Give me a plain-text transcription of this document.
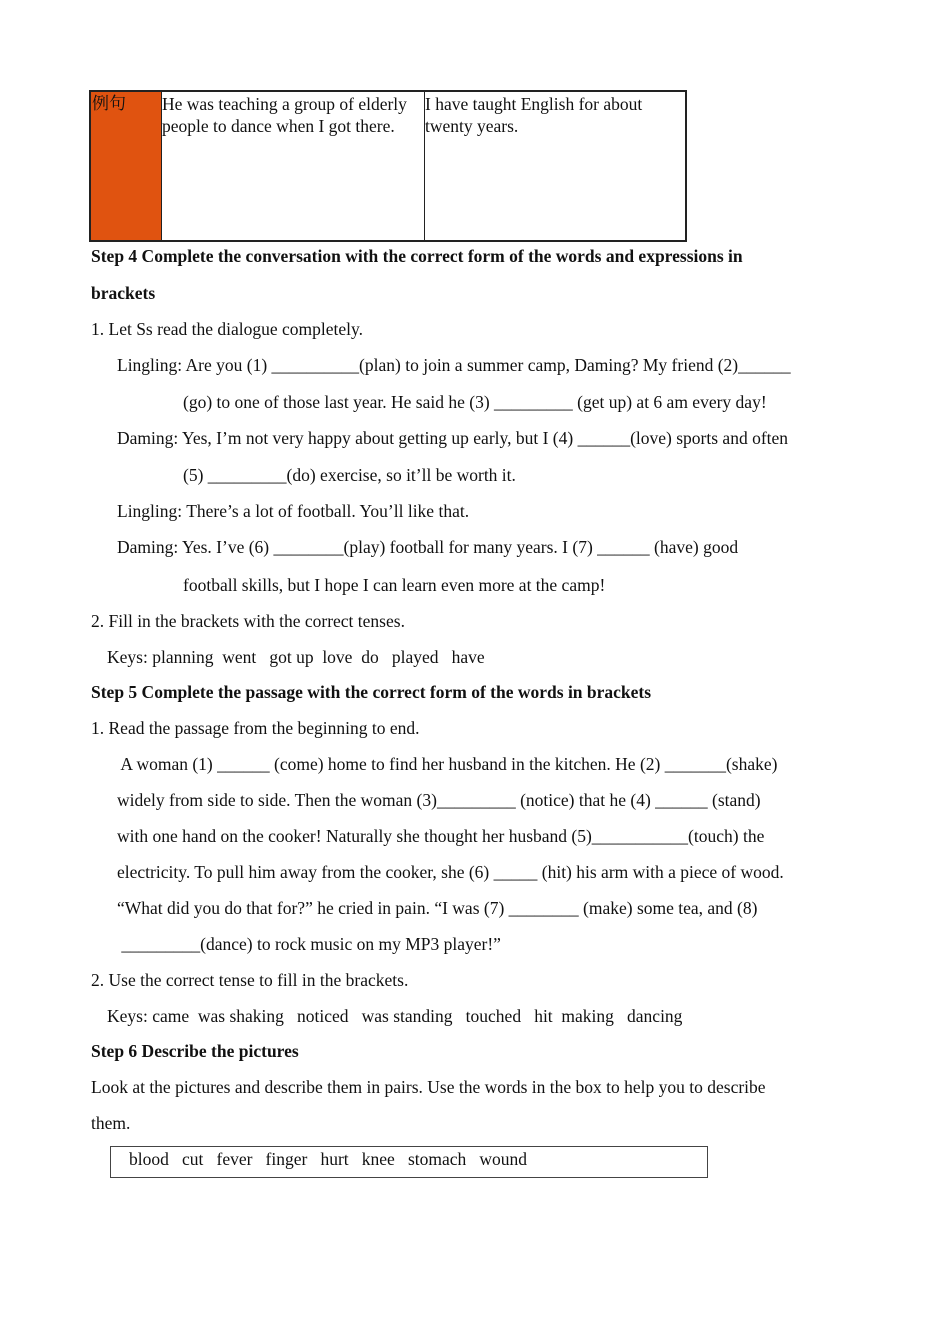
例句	He was teaching a group of elderly people to dance when I got there.
I have taught English for about twenty years.
Step 4 Complete the conversation with the correct form of the words and expressions in
brackets
1. Let Ss read the dialogue completely.
Lingling: Are you (1) __________(plan) to join a summer camp, Daming? My friend (2)______
(go) to one of those last year. He said he (3) _________ (get up) at 6 am every day!
Daming: Yes, I’m not very happy about getting up early, but I (4) ______(love) sports and often
(5) _________(do) exercise, so it’ll be worth it.
Lingling: There’s a lot of football. You’ll like that.
Daming: Yes. I’ve (6) ________(play) football for many years. I (7) ______ (have) good
football skills, but I hope I can learn even more at the camp!
2. Fill in the brackets with the correct tenses.
Keys: planning  went   got up  love  do   played   have
Step 5 Complete the passage with the correct form of the words in brackets
1. Read the passage from the beginning to end.
A woman (1) ______ (come) home to find her husband in the kitchen. He (2) _______(shake)
widely from side to side. Then the woman (3)_________ (notice) that he (4) ______ (stand)
with one hand on the cooker! Naturally she thought her husband (5)___________(touch) the
electricity. To pull him away from the cooker, she (6) _____ (hit) his arm with a piece of wood.
“What did you do that for?” he cried in pain. “I was (7) ________ (make) some tea, and (8)
_________(dance) to rock music on my MP3 player!”
2. Use the correct tense to fill in the brackets.
Keys: came  was shaking   noticed   was standing   touched   hit  making   dancing
Step 6 Describe the pictures
Look at the pictures and describe them in pairs. Use the words in the box to help you to describe
them.
blood   cut   fever   finger   hurt   knee   stomach   wound
